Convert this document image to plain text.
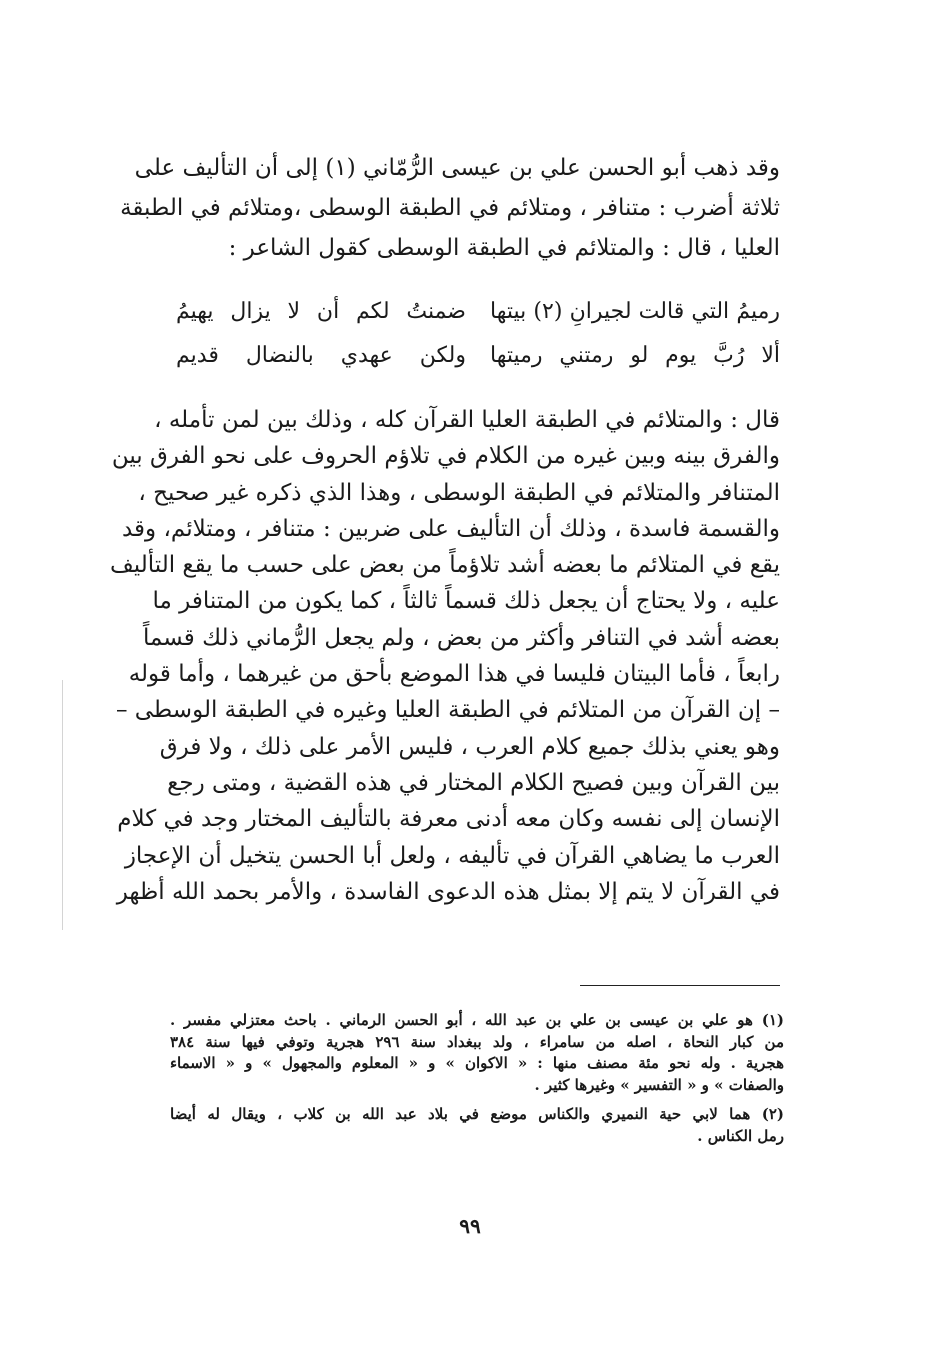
وقد ذهب أبو الحسن علي بن عيسى الرُّمّاني (١) إلى أن التأليف على
ثلاثة أضرب : متنافر ، ومتلائم في الطبقة الوسطى ،ومتلائم في الطبقة
العليا ، قال : والمتلائم في الطبقة الوسطى كقول الشاعر :
رميمُ التي قالت لجيرانِ (٢) بيتها
ضمنتُ لكم أن لا يزال يهيمُ
ألا رُبَّ يوم لو رمتني رميتها
ولكن عهدي بالنضال قديم
قال : والمتلائم في الطبقة العليا القرآن كله ، وذلك بين لمن تأمله ،
والفرق بينه وبين غيره من الكلام في تلاؤم الحروف على نحو الفرق بين
المتنافر والمتلائم في الطبقة الوسطى ، وهذا الذي ذكره غير صحيح ،
والقسمة فاسدة ، وذلك أن التأليف على ضربين : متنافر ، ومتلائم، وقد
يقع في المتلائم ما بعضه أشد تلاؤماً من بعض على حسب ما يقع التأليف
عليه ، ولا يحتاج أن يجعل ذلك قسماً ثالثاً ، كما يكون من المتنافر ما
بعضه أشد في التنافر وأكثر من بعض ، ولم يجعل الرُّماني ذلك قسماً
رابعاً ، فأما البيتان فليسا في هذا الموضع بأحق من غيرهما ، وأما قوله
– إن القرآن من المتلائم في الطبقة العليا وغيره في الطبقة الوسطى –
وهو يعني بذلك جميع كلام العرب ، فليس الأمر على ذلك ، ولا فرق
بين القرآن وبين فصيح الكلام المختار في هذه القضية ، ومتى رجع
الإنسان إلى نفسه وكان معه أدنى معرفة بالتأليف المختار وجد في كلام
العرب ما يضاهي القرآن في تأليفه ، ولعل أبا الحسن يتخيل أن الإعجاز
في القرآن لا يتم إلا بمثل هذه الدعوى الفاسدة ، والأمر بحمد الله أظهر
(١) هو علي بن عيسى بن علي بن عبد الله ، أبو الحسن الرماني . باحث معتزلي مفسر .
من كبار النحاة ، اصله من سامراء ، ولد ببغداد سنة ٢٩٦ هجرية وتوفي فيها سنة ٣٨٤
هجرية . وله نحو مئة مصنف منها : « الاكوان » و « المعلوم والمجهول » و « الاسماء
والصفات » و « التفسير » وغيرها كثير .
(٢) هما لابي حية النميري والكناس موضع في بلاد عبد الله بن كلاب ، ويقال له أيضا
رمل الكناس .
٩٩
